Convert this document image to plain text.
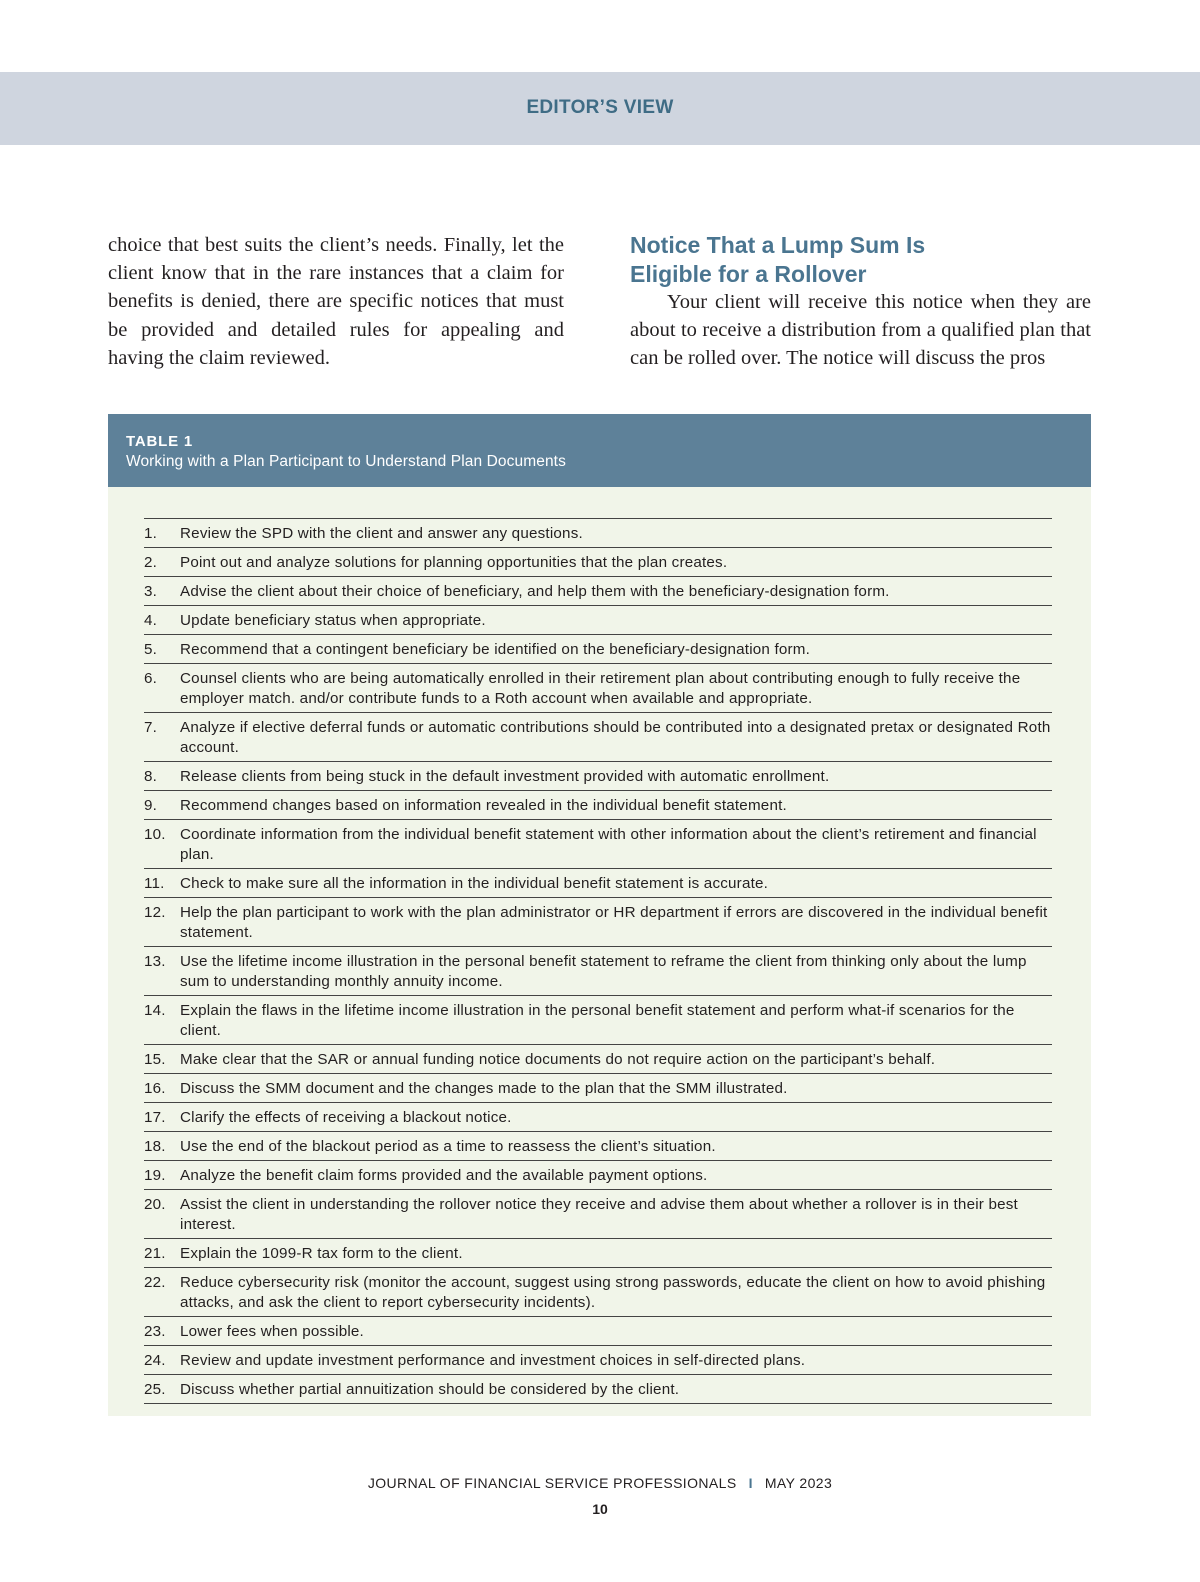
EDITOR’S VIEW

choice that best suits the client’s needs. Finally, let the client know that in the rare instances that a claim for benefits is denied, there are specific notices that must be provided and detailed rules for appealing and having the claim reviewed.

Notice That a Lump Sum Is
Eligible for a Rollover

Your client will receive this notice when they are about to receive a distribution from a qualified plan that can be rolled over. The notice will discuss the pros

TABLE 1
Working with a Plan Participant to Understand Plan Documents
1.	Review the SPD with the client and answer any questions.
2.	Point out and analyze solutions for planning opportunities that the plan creates.
3.	Advise the client about their choice of beneficiary, and help them with the beneficiary-designation form.
4.	Update beneficiary status when appropriate.
5.	Recommend that a contingent beneficiary be identified on the beneficiary-designation form.
6.	Counsel clients who are being automatically enrolled in their retirement plan about contributing enough to fully receive the employer match. and/or contribute funds to a Roth account when available and appropriate.
7.	Analyze if elective deferral funds or automatic contributions should be contributed into a designated pretax or designated Roth account.
8.	Release clients from being stuck in the default investment provided with automatic enrollment.
9.	Recommend changes based on information revealed in the individual benefit statement.
10. Coordinate information from the individual benefit statement with other information about the client’s retirement and financial plan.
11.	Check to make sure all the information in the individual benefit statement is accurate.
12. Help the plan participant to work with the plan administrator or HR department if errors are discovered in the individual benefit statement.
13. Use the lifetime income illustration in the personal benefit statement to reframe the client from thinking only about the lump sum to understanding monthly annuity income.
14. Explain the flaws in the lifetime income illustration in the personal benefit statement and perform what-if scenarios for the client.
15. Make clear that the SAR or annual funding notice documents do not require action on the participant’s behalf.
16. Discuss the SMM document and the changes made to the plan that the SMM illustrated.
17. Clarify the effects of receiving a blackout notice.
18. Use the end of the blackout period as a time to reassess the client’s situation.
19. Analyze the benefit claim forms provided and the available payment options.
20. Assist the client in understanding the rollover notice they receive and advise them about whether a rollover is in their best interest.
21. Explain the 1099-R tax form to the client.
22. Reduce cybersecurity risk (monitor the account, suggest using strong passwords, educate the client on how to avoid phishing attacks, and ask the client to report cybersecurity incidents).
23. Lower fees when possible.
24. Review and update investment performance and investment choices in self-directed plans.
25. Discuss whether partial annuitization should be considered by the client.
JOURNAL OF FINANCIAL SERVICE PROFESSIONALS I MAY 2023
10
